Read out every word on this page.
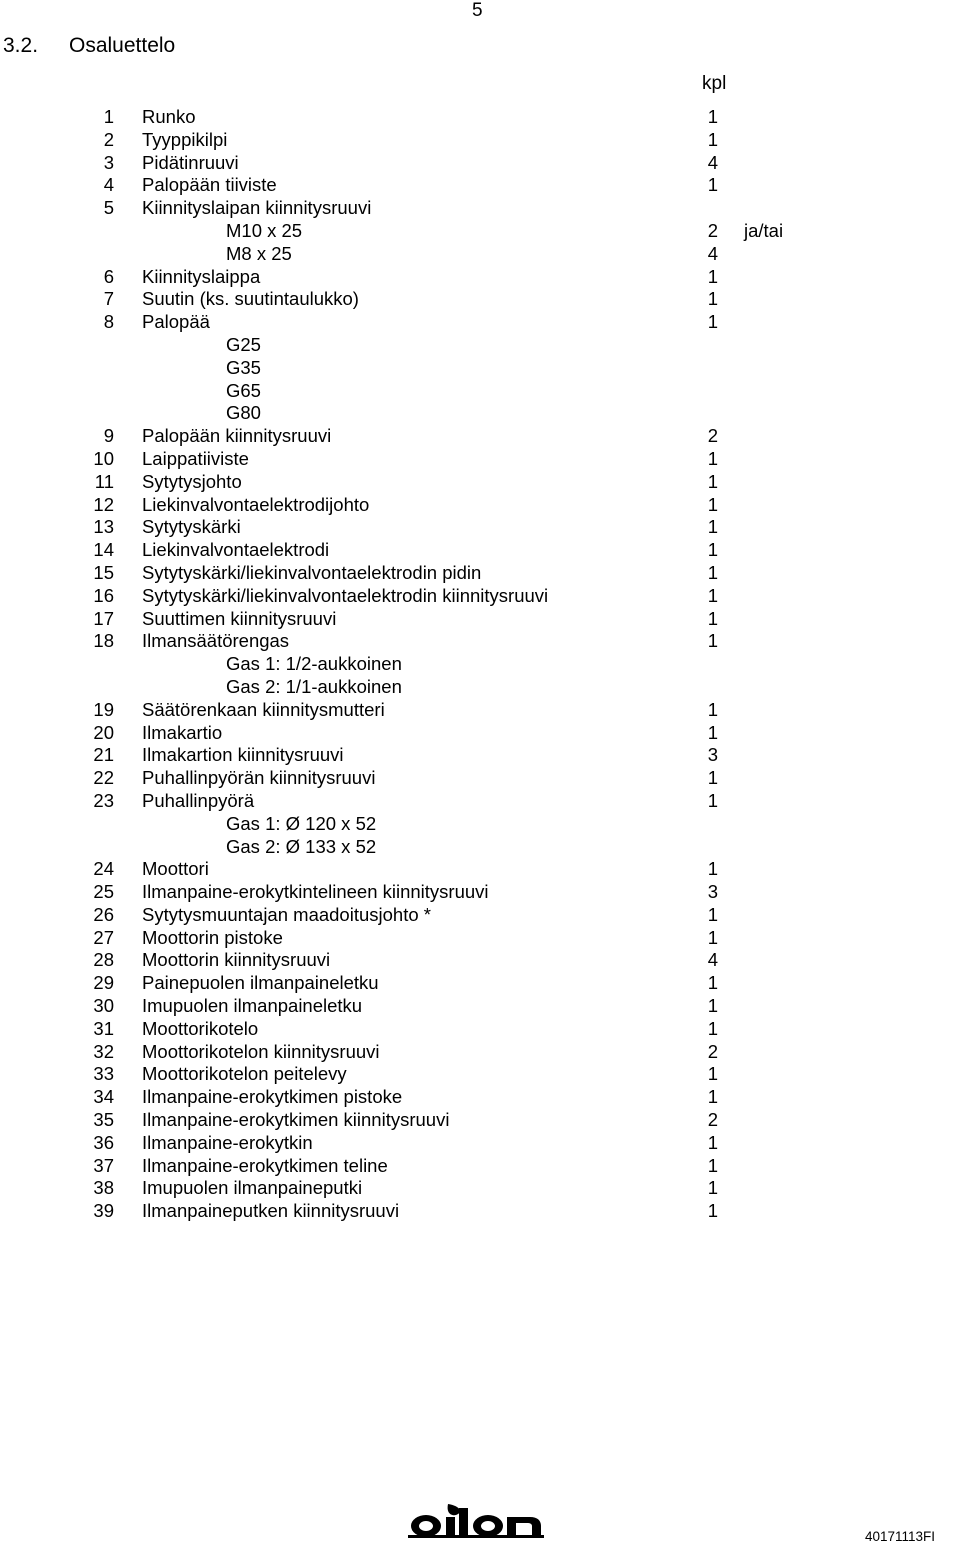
5
3.2. Osaluettelo
kpl
1 Runko	1
2 Tyyppikilpi	1
3 Pidätinruuvi	4
4 Palopään tiiviste	1
5 Kiinnityslaipan kiinnitysruuvi
M10 x 25	2 ja/tai
M8 x 25	4
6 Kiinnityslaippa	1
7 Suutin (ks. suutintaulukko)	1
8 Palopää	1
G25
G35
G65
G80
9 Palopään kiinnitysruuvi	2
10 Laippatiiviste	1
11 Sytytysjohto	1
12 Liekinvalvontaelektrodijohto	1
13 Sytytyskärki	1
14 Liekinvalvontaelektrodi	1
15 Sytytyskärki/liekinvalvontaelektrodin pidin	1
16 Sytytyskärki/liekinvalvontaelektrodin kiinnitysruuvi	1
17 Suuttimen kiinnitysruuvi	1
18 Ilmansäätörengas	1
Gas 1: 1/2-aukkoinen
Gas 2: 1/1-aukkoinen
19 Säätörenkaan kiinnitysmutteri	1
20 Ilmakartio	1
21 Ilmakartion kiinnitysruuvi	3
22 Puhallinpyörän kiinnitysruuvi	1
23 Puhallinpyörä	1
Gas 1: Ø 120 x 52
Gas 2: Ø 133 x 52
24 Moottori	1
25 Ilmanpaine-erokytkintelineen kiinnitysruuvi	3
26 Sytytysmuuntajan maadoitusjohto *	1
27 Moottorin pistoke	1
28 Moottorin kiinnitysruuvi	4
29 Painepuolen ilmanpaineletku	1
30 Imupuolen ilmanpaineletku	1
31 Moottorikotelo	1
32 Moottorikotelon kiinnitysruuvi	2
33 Moottorikotelon peitelevy	1
34 Ilmanpaine-erokytkimen pistoke	1
35 Ilmanpaine-erokytkimen kiinnitysruuvi	2
36 Ilmanpaine-erokytkin	1
37 Ilmanpaine-erokytkimen teline	1
38 Imupuolen ilmanpaineputki	1
39 Ilmanpaineputken kiinnitysruuvi	1
40171113FI
